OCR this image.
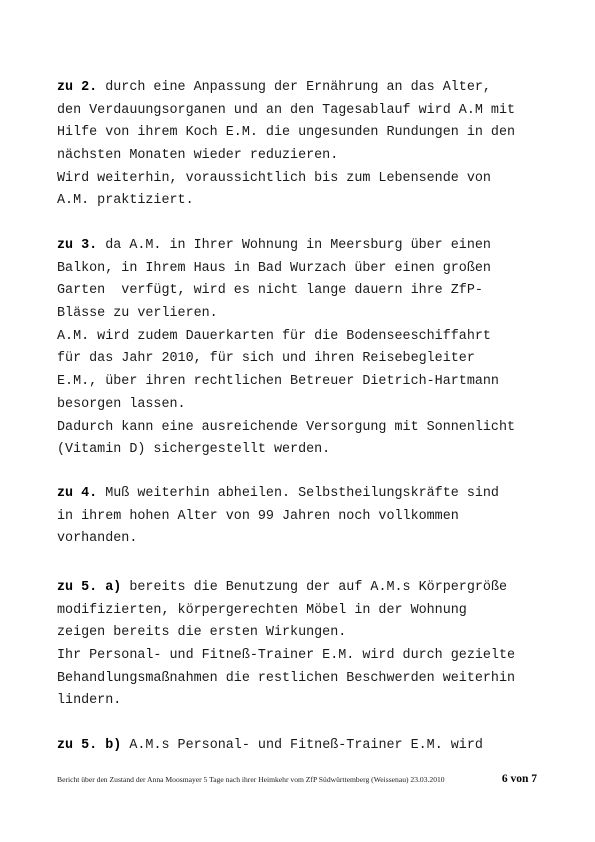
zu 2. durch eine Anpassung der Ernährung an das Alter,
den Verdauungsorganen und an den Tagesablauf wird A.M mit
Hilfe von ihrem Koch E.M. die ungesunden Rundungen in den
nächsten Monaten wieder reduzieren.
Wird weiterhin, voraussichtlich bis zum Lebensende von
A.M. praktiziert.
zu 3. da A.M. in Ihrer Wohnung in Meersburg über einen
Balkon, in Ihrem Haus in Bad Wurzach über einen großen
Garten  verfügt, wird es nicht lange dauern ihre ZfP-
Blässe zu verlieren.
A.M. wird zudem Dauerkarten für die Bodenseeschiffahrt
für das Jahr 2010, für sich und ihren Reisebegleiter
E.M., über ihren rechtlichen Betreuer Dietrich-Hartmann
besorgen lassen.
Dadurch kann eine ausreichende Versorgung mit Sonnenlicht
(Vitamin D) sichergestellt werden.
zu 4. Muß weiterhin abheilen. Selbstheilungskräfte sind
in ihrem hohen Alter von 99 Jahren noch vollkommen
vorhanden.
zu 5. a) bereits die Benutzung der auf A.M.s Körpergröße
modifizierten, körpergerechten Möbel in der Wohnung
zeigen bereits die ersten Wirkungen.
Ihr Personal- und Fitneß-Trainer E.M. wird durch gezielte
Behandlungsmaßnahmen die restlichen Beschwerden weiterhin
lindern.
zu 5. b) A.M.s Personal- und Fitneß-Trainer E.M. wird
Bericht über den Zustand der Anna Moosmayer 5 Tage nach ihrer Heimkehr vom ZfP Südwürttemberg (Weissenau) 23.03.2010	6 von 7
